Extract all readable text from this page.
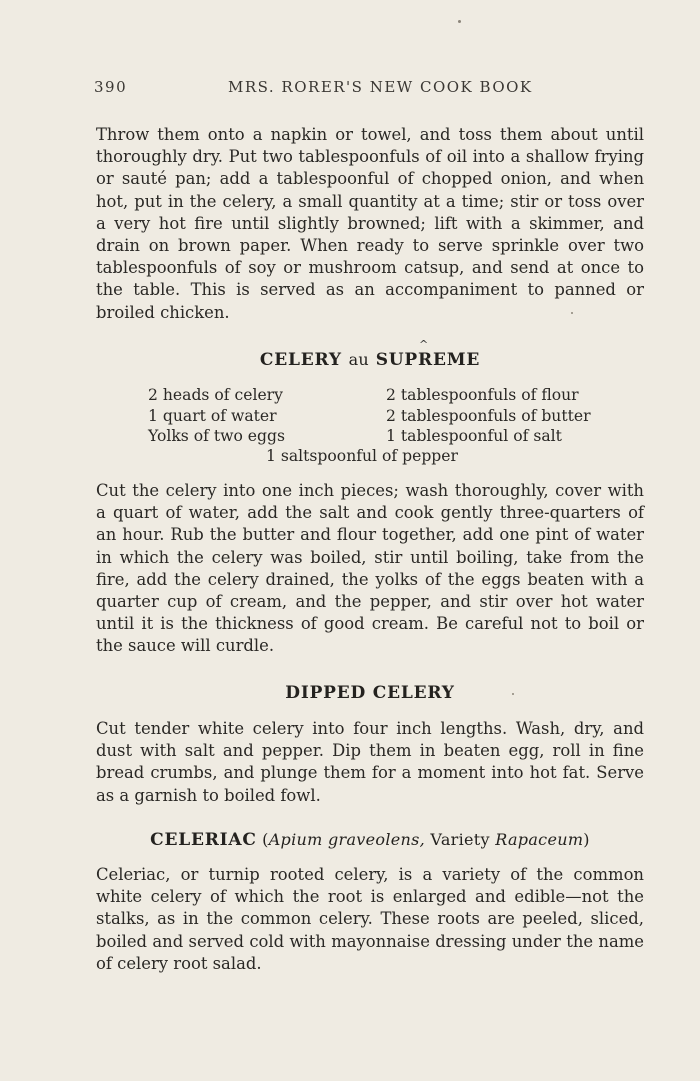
390	MRS. RORER'S NEW COOK BOOK

Throw them onto a napkin or towel, and toss them about until thoroughly dry. Put two tablespoonfuls of oil into a shallow frying or sauté pan; add a tablespoonful of chopped onion, and when hot, put in the celery, a small quantity at a time; stir or toss over a very hot fire until slightly browned; lift with a skimmer, and drain on brown paper. When ready to serve sprinkle over two tablespoonfuls of soy or mushroom catsup, and send at once to the table. This is served as an accompaniment to panned or broiled chicken.

^
CELERY au SUPREME
2 heads of celery
1 quart of water
Yolks of two eggs
2 tablespoonfuls of flour
2 tablespoonfuls of butter
1 tablespoonful of salt
1 saltspoonful of pepper

Cut the celery into one inch pieces; wash thoroughly, cover with a quart of water, add the salt and cook gently three-quarters of an hour. Rub the butter and flour together, add one pint of water in which the celery was boiled, stir until boiling, take from the fire, add the celery drained, the yolks of the eggs beaten with a quarter cup of cream, and the pepper, and stir over hot water until it is the thickness of good cream. Be careful not to boil or the sauce will curdle.

DIPPED CELERY

Cut tender white celery into four inch lengths. Wash, dry, and dust with salt and pepper. Dip them in beaten egg, roll in fine bread crumbs, and plunge them for a moment into hot fat. Serve as a garnish to boiled fowl.

CELERIAC (Apium graveolens, Variety Rapaceum)

Celeriac, or turnip rooted celery, is a variety of the common white celery of which the root is enlarged and edible—not the stalks, as in the common celery. These roots are peeled, sliced, boiled and served cold with mayonnaise dressing under the name of celery root salad.
